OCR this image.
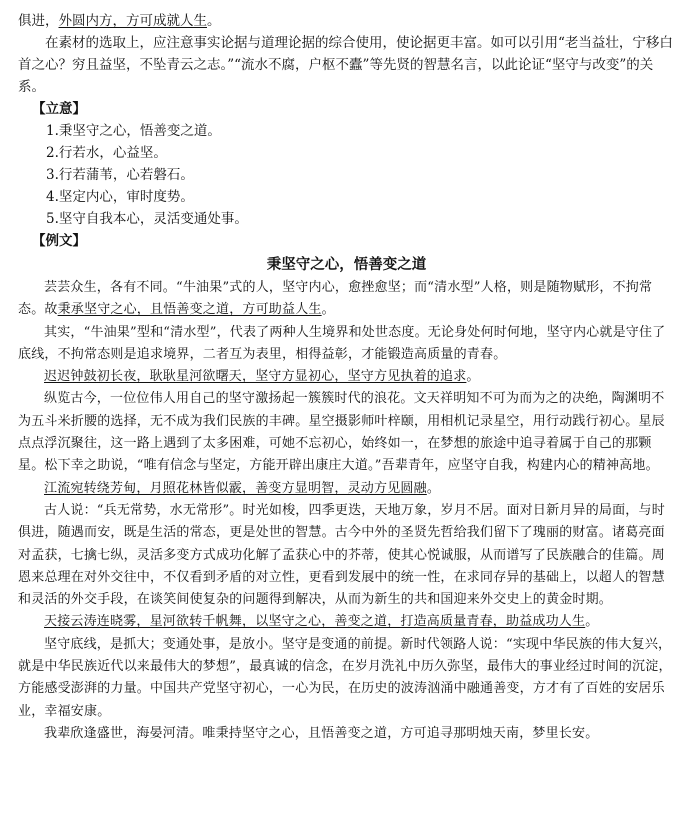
俱进，外圆内方，方可成就人生。

在素材的选取上，应注意事实论据与道理论据的综合使用，使论据更丰富。如可以引用“老当益壮，宁移白首之心？穷且益坚，不坠青云之志。”“流水不腐，户枢不蠹”等先贤的智慧名言，以此论证“坚守与改变”的关系。

【立意】

1.秉坚守之心，悟善变之道。

2.行若水，心益坚。

3.行若蒲苇，心若磐石。

4.坚定内心，审时度势。

5.坚守自我本心，灵活变通处事。

【例文】

秉坚守之心，悟善变之道

芸芸众生，各有不同。“牛油果”式的人，坚守内心，愈挫愈坚；而“清水型”人格，则是随物赋形，不拘常态。故秉承坚守之心，且悟善变之道，方可助益人生。

其实，“牛油果”型和“清水型”，代表了两种人生境界和处世态度。无论身处何时何地，坚守内心就是守住了底线，不拘常态则是追求境界，二者互为表里，相得益彰，才能锻造高质量的青春。

迟迟钟鼓初长夜，耿耿星河欲曙天，坚守方显初心，坚守方见执着的追求。

纵览古今，一位位伟人用自己的坚守激扬起一簇簇时代的浪花。文天祥明知不可为而为之的决绝，陶渊明不为五斗米折腰的选择，无不成为我们民族的丰碑。星空摄影师叶梓颐，用相机记录星空，用行动践行初心。星辰点点浮沉聚往，这一路上遇到了太多困难，可她不忘初心，始终如一，在梦想的旅途中追寻着属于自己的那颗星。松下幸之助说，“唯有信念与坚定，方能开辟出康庄大道。”吾辈青年，应坚守自我，构建内心的精神高地。

江流宛转绕芳甸，月照花林皆似霰，善变方显明智，灵动方见圆融。

古人说：“兵无常势，水无常形”。时光如梭，四季更迭，天地万象，岁月不居。面对日新月异的局面，与时俱进，随遇而安，既是生活的常态，更是处世的智慧。古今中外的圣贤先哲给我们留下了瑰丽的财富。诸葛亮面对孟获，七擒七纵，灵活多变方式成功化解了孟获心中的芥蒂，使其心悦诚服，从而谱写了民族融合的佳篇。周恩来总理在对外交往中，不仅看到矛盾的对立性，更看到发展中的统一性，在求同存异的基础上，以超人的智慧和灵活的外交手段，在谈笑间使复杂的问题得到解决，从而为新生的共和国迎来外交史上的黄金时期。

天接云涛连晓雾，星河欲转千帆舞，以坚守之心，善变之道，打造高质量青春，助益成功人生。

坚守底线，是抓大；变通处事，是放小。坚守是变通的前提。新时代领路人说：“实现中华民族的伟大复兴，就是中华民族近代以来最伟大的梦想”，最真诚的信念，在岁月洗礼中历久弥坚，最伟大的事业经过时间的沉淀，方能感受澎湃的力量。中国共产党坚守初心，一心为民，在历史的波涛汹涌中融通善变，方才有了百姓的安居乐业，幸福安康。

我辈欣逢盛世，海晏河清。唯秉持坚守之心，且悟善变之道，方可追寻那明烛天南，梦里长安。
